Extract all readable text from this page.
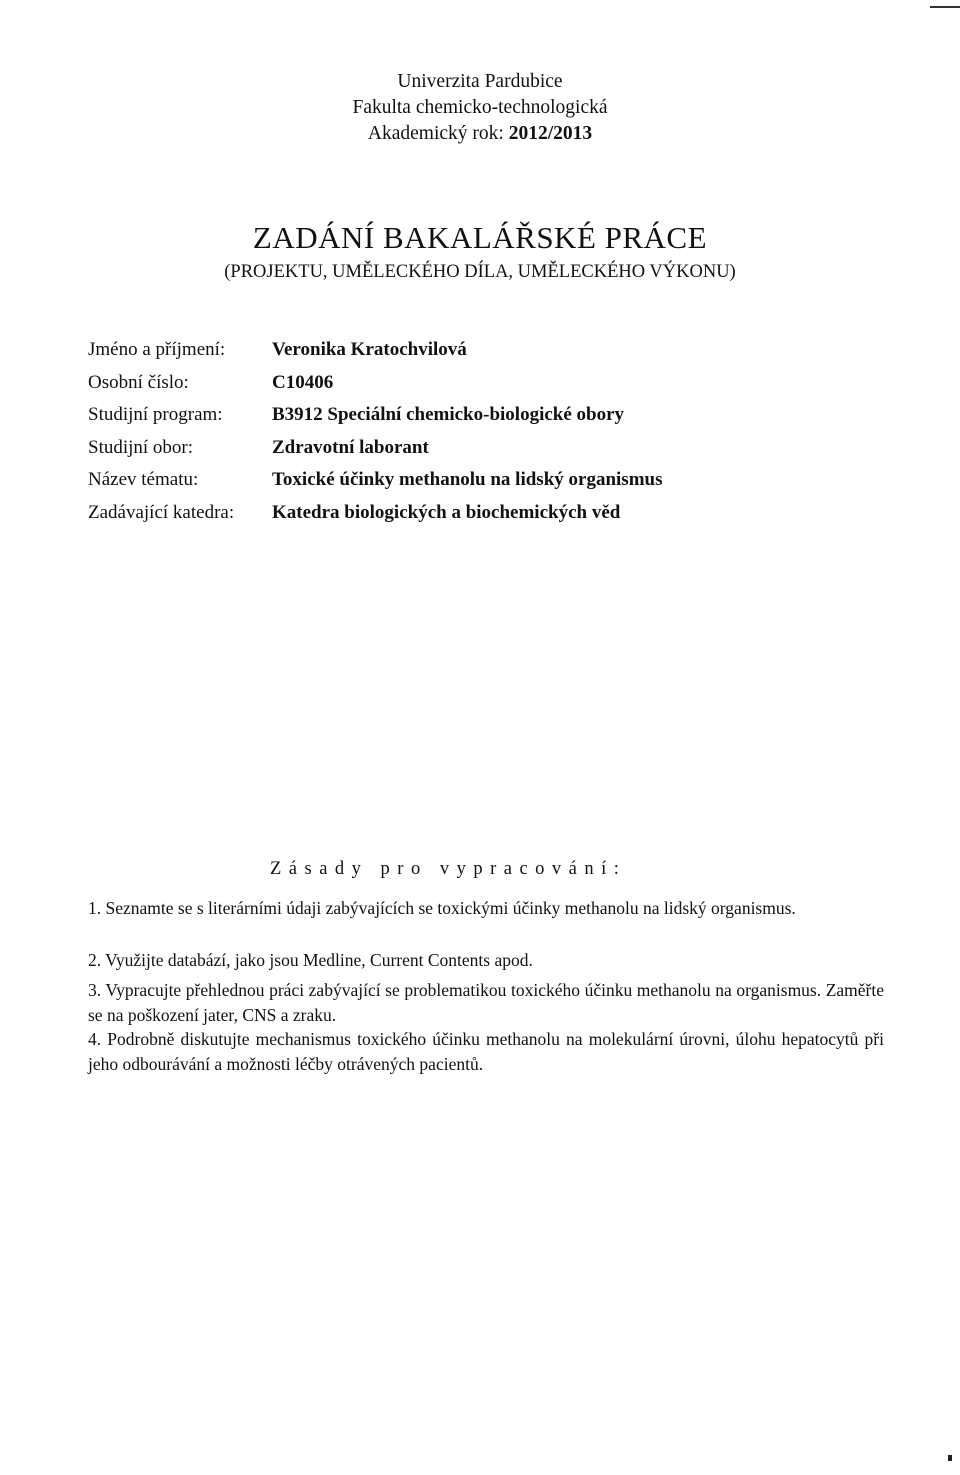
Univerzita Pardubice
Fakulta chemicko-technologická
Akademický rok: 2012/2013
ZADÁNÍ BAKALÁŘSKÉ PRÁCE
(PROJEKTU, UMĚLECKÉHO DÍLA, UMĚLECKÉHO VÝKONU)
Jméno a příjmení: Veronika Kratochvilová
Osobní číslo:	C10406
Studijní program:	B3912 Speciální chemicko-biologické obory
Studijní obor:	Zdravotní laborant
Název tématu:	Toxické účinky methanolu na lidský organismus
Zadávající katedra: Katedra biologických a biochemických věd
Zásady pro vypracování:
1. Seznamte se s literárními údaji zabývajících se toxickými účinky methanolu na lidský organismus.
2. Využijte databází, jako jsou Medline, Current Contents apod.
3. Vypracujte přehlednou práci zabývající se problematikou toxického účinku methanolu na organismus. Zaměřte se na poškození jater, CNS a zraku.
4. Podrobně diskutujte mechanismus toxického účinku methanolu na molekulární úrovni, úlohu hepatocytů při jeho odbourávání a možnosti léčby otrávených pacientů.
